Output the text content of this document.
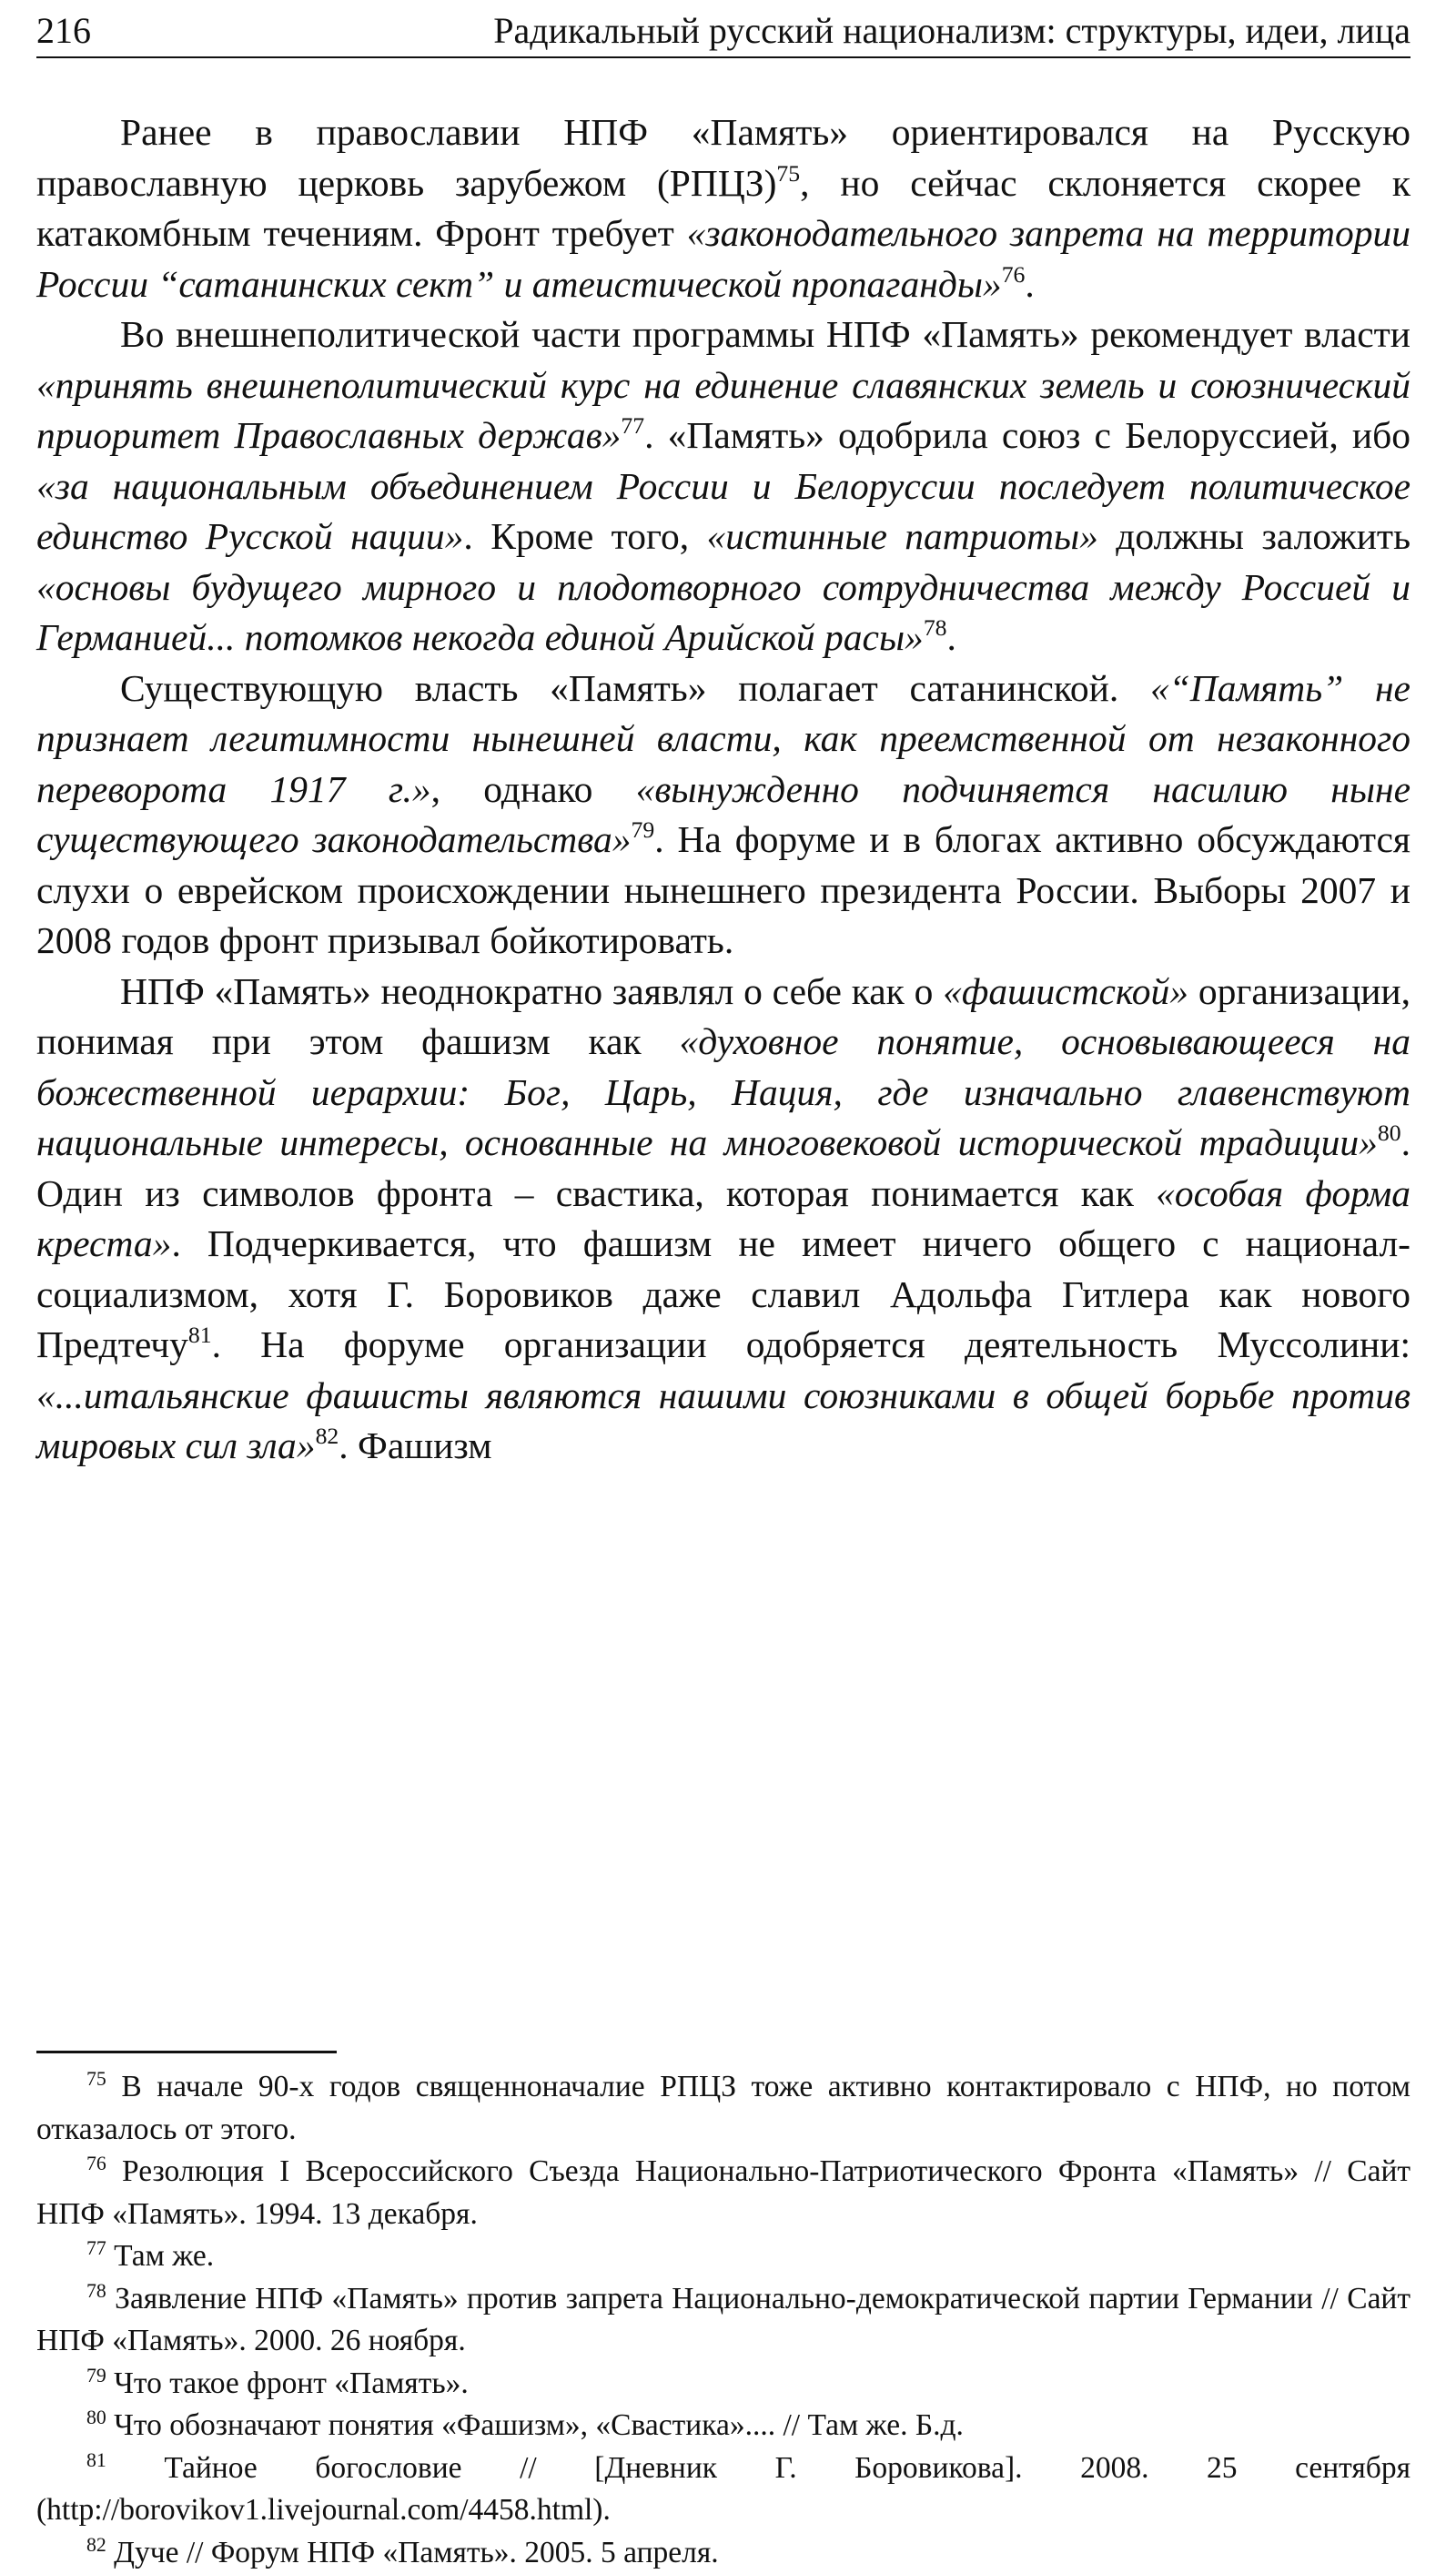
216	Радикальный русский национализм: структуры, идеи, лица

Ранее в православии НПФ «Память» ориентировался на Русскую православную церковь зарубежом (РПЦЗ)$^{75}$, но сейчас склоняется скорее к катакомбным течениям. Фронт требует «законодательного запрета на территории России “сатанинских сект” и атеистической пропаганды»$^{76}$.

Во внешнеполитической части программы НПФ «Память» рекомендует власти «принять внешнеполитический курс на единение славянских земель и союзнический приоритет Православных держав»$^{77}$. «Память» одобрила союз с Белоруссией, ибо «за национальным объединением России и Белоруссии последует политическое единство Русской нации». Кроме того, «истинные патриоты» должны заложить «основы будущего мирного и плодотворного сотрудничества между Россией и Германией... потомков некогда единой Арийской расы»$^{78}$.

Существующую власть «Память» полагает сатанинской. «“Память” не признает легитимности нынешней власти, как преемственной от незаконного переворота 1917 г.», однако «вынужденно подчиняется насилию ныне существующего законодательства»$^{79}$. На форуме и в блогах активно обсуждаются слухи о еврейском происхождении нынешнего президента России. Выборы 2007 и 2008 годов фронт призывал бойкотировать.

НПФ «Память» неоднократно заявлял о себе как о «фашистской» организации, понимая при этом фашизм как «духовное понятие, основывающееся на божественной иерархии: Бог, Царь, Нация, где изначально главенствуют национальные интересы, основанные на многовековой исторической традиции»$^{80}$. Один из символов фронта – свастика, которая понимается как «особая форма креста». Подчеркивается, что фашизм не имеет ничего общего с национал-социализмом, хотя Г. Боровиков даже славил Адольфа Гитлера как нового Предтечу$^{81}$. На форуме организации одобряется деятельность Муссолини: «...итальянские фашисты являются нашими союзниками в общей борьбе против мировых сил зла»$^{82}$. Фашизм

$^{75}$ В начале 90-х годов священноначалие РПЦЗ тоже активно контактировало с НПФ, но потом отказалось от этого.

$^{76}$ Резолюция I Всероссийского Съезда Национально-Патриотического Фронта «Память» // Сайт НПФ «Память». 1994. 13 декабря.

$^{77}$ Там же.

$^{78}$ Заявление НПФ «Память» против запрета Национально-демократической партии Германии // Сайт НПФ «Память». 2000. 26 ноября.

$^{79}$ Что такое фронт «Память».

$^{80}$ Что обозначают понятия «Фашизм», «Свастика».... // Там же. Б.д.

$^{81}$ Тайное богословие // [Дневник Г. Боровикова]. 2008. 25 сентября (http://borovikov1.livejournal.com/4458.html).

$^{82}$ Дуче // Форум НПФ «Память». 2005. 5 апреля.
